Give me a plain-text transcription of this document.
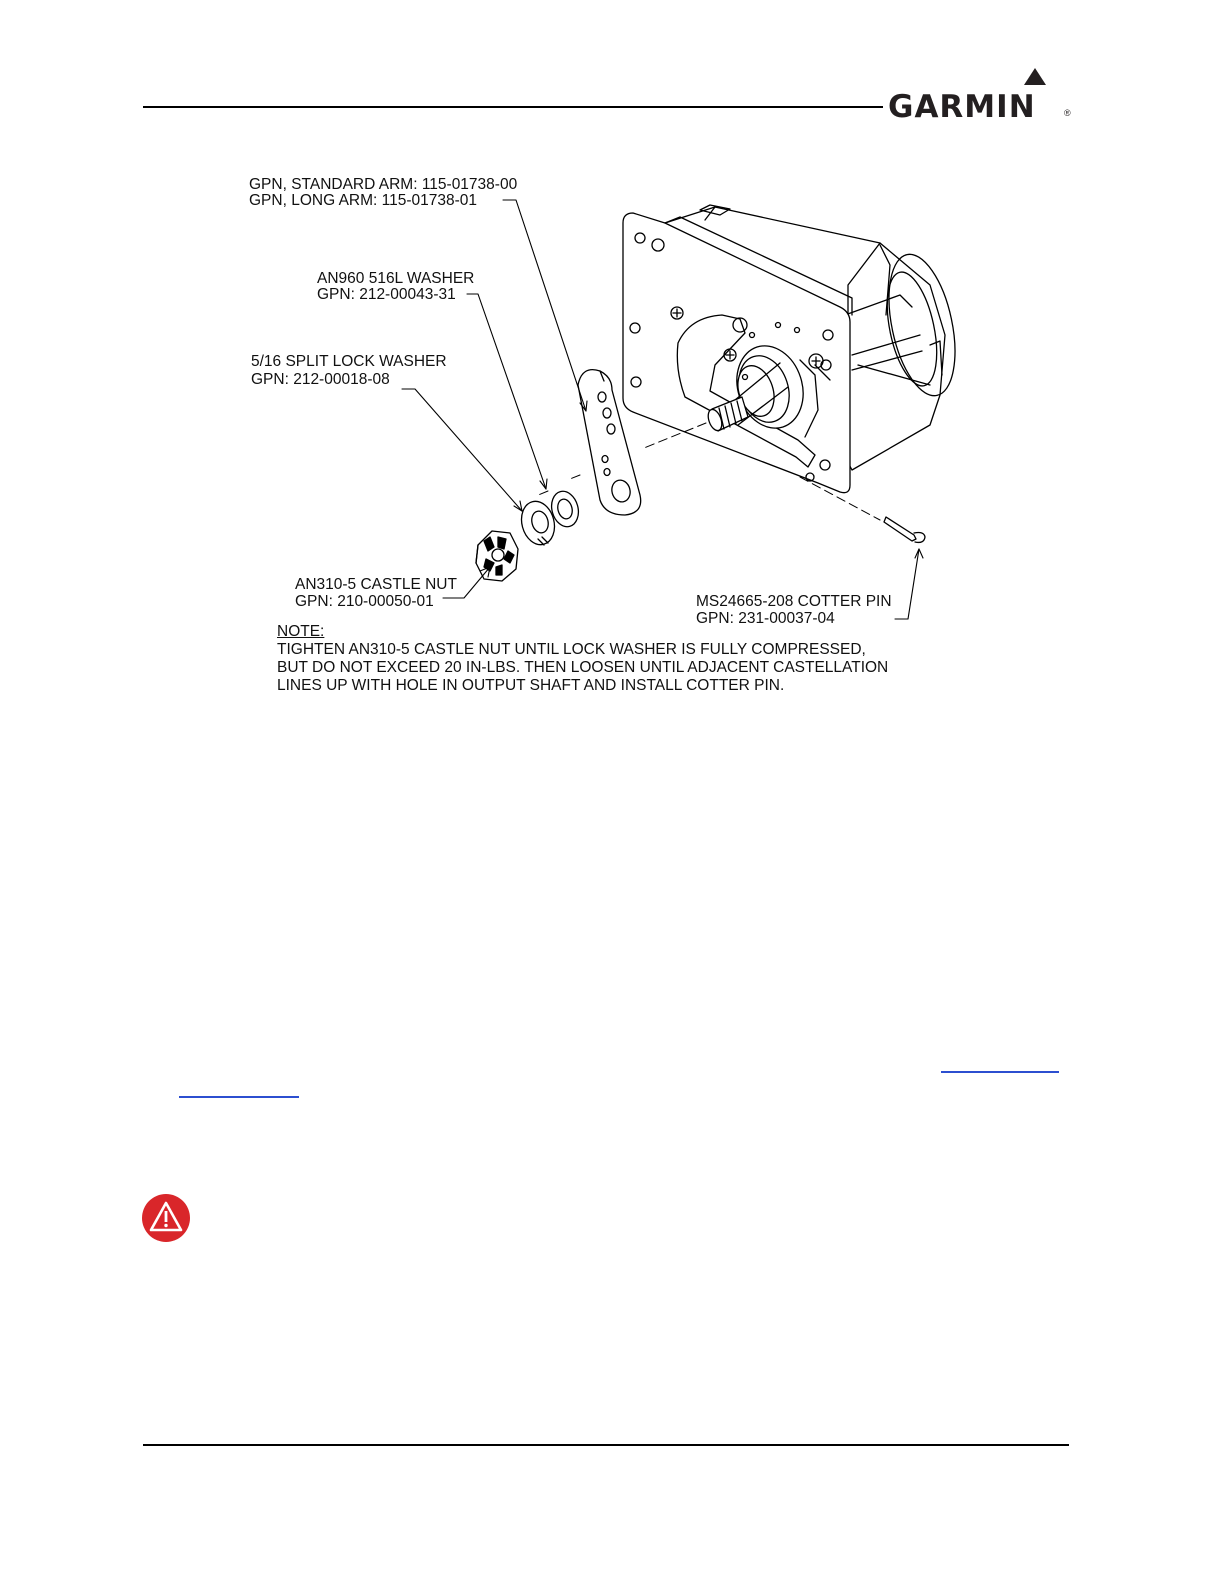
GARMIN	®
GPN, STANDARD ARM: 115-01738-00
GPN, LONG ARM: 115-01738-01
AN960 516L WASHER
GPN: 212-00043-31
5/16 SPLIT LOCK WASHER
GPN: 212-00018-08
AN310-5 CASTLE NUT
GPN: 210-00050-01	MS24665-208 COTTER PIN
GPN: 231-00037-04
NOTE:
TIGHTEN AN310-5 CASTLE NUT UNTIL LOCK WASHER IS FULLY COMPRESSED,
BUT DO NOT EXCEED 20 IN-LBS. THEN LOOSEN UNTIL ADJACENT CASTELLATION
LINES UP WITH HOLE IN OUTPUT SHAFT AND INSTALL COTTER PIN.
